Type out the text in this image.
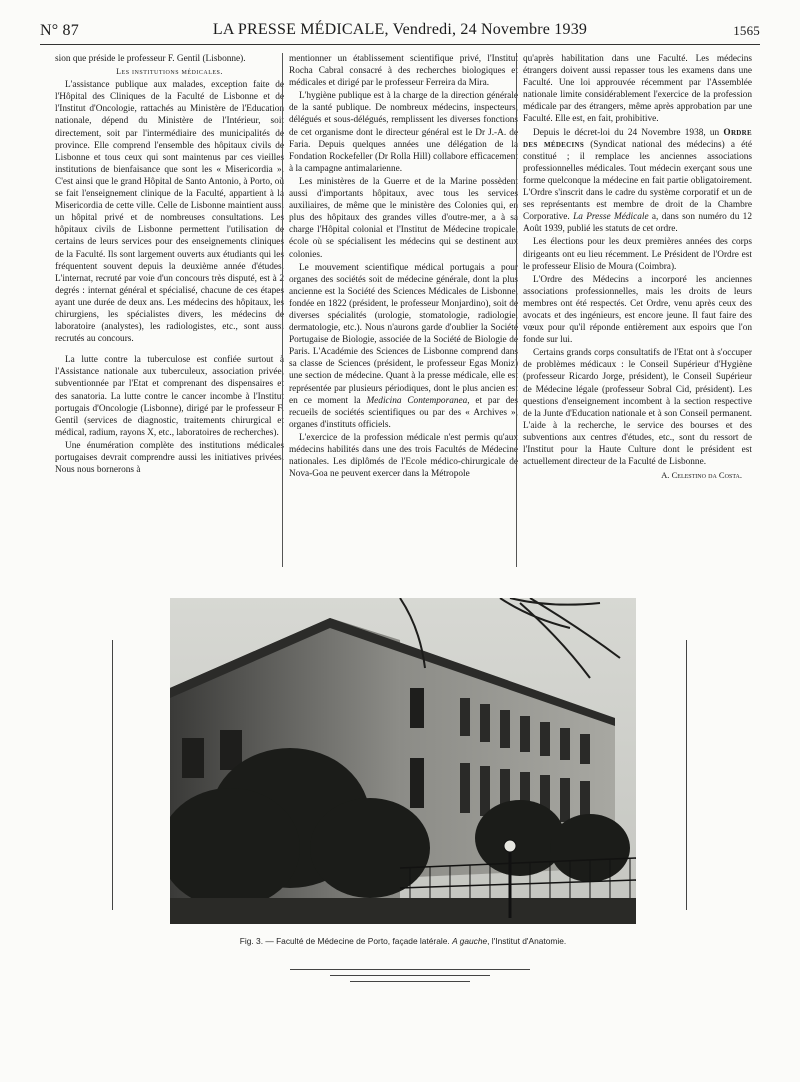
N° 87	LA PRESSE MÉDICALE, Vendredi, 24 Novembre 1939	1565

sion que préside le professeur F. Gentil (Lisbonne).

Les institutions médicales.

L'assistance publique aux malades, exception faite de l'Hôpital des Cliniques de la Faculté de Lisbonne et de l'Institut d'Oncologie, rattachés au Ministère de l'Education nationale, dépend du Ministère de l'Intérieur, soit directement, soit par l'intermédiaire des municipalités de province. Elle comprend l'ensemble des hôpitaux civils de Lisbonne et tous ceux qui sont maintenus par ces vieilles institutions de bienfaisance que sont les « Misericordia ». C'est ainsi que le grand Hôpital de Santo Antonio, à Porto, où se fait l'enseignement clinique de la Faculté, appartient à la Misericordia de cette ville. Celle de Lisbonne maintient aussi un hôpital privé et de nombreuses consultations. Les hôpitaux civils de Lisbonne permettent l'utilisation de certains de leurs services pour des enseignements cliniques de la Faculté. Ils sont largement ouverts aux étudiants qui les fréquentent souvent depuis la deuxième année d'études. L'internat, recruté par voie d'un concours très disputé, est à 2 degrés : internat général et spécialisé, chacune de ces étapes ayant une durée de deux ans. Les médecins des hôpitaux, les chirurgiens, les spécialistes divers, les médecins de laboratoire (analystes), les radiologistes, etc., sont aussi recrutés au concours.

La lutte contre la tuberculose est confiée surtout à l'Assistance nationale aux tuberculeux, association privée, subventionnée par l'Etat et comprenant des dispensaires et des sanatoria. La lutte contre le cancer incombe à l'Institut portugais d'Oncologie (Lisbonne), dirigé par le professeur F. Gentil (services de diagnostic, traitements chirurgical et médical, radium, rayons X, etc., laboratoires de recherches).

Une énumération complète des institutions médicales portugaises devrait comprendre aussi les initiatives privées. Nous nous bornerons à

mentionner un établissement scientifique privé, l'Institut Rocha Cabral consacré à des recherches biologiques et médicales et dirigé par le professeur Ferreira da Mira.

L'hygiène publique est à la charge de la direction générale de la santé publique. De nombreux médecins, inspecteurs, délégués et sous-délégués, remplissent les diverses fonctions de cet organisme dont le directeur général est le Dr J.-A. de Faria. Depuis quelques années une délégation de la Fondation Rockefeller (Dr Rolla Hill) collabore efficacement à la campagne antimalarienne.

Les ministères de la Guerre et de la Marine possèdent aussi d'importants hôpitaux, avec tous les services auxiliaires, de même que le ministère des Colonies qui, en plus des hôpitaux des grandes villes d'outre-mer, a à sa charge l'Hôpital colonial et l'Institut de Médecine tropicale, école où se spécialisent les médecins qui se destinent aux colonies.

Le mouvement scientifique médical portugais a pour organes des sociétés soit de médecine générale, dont la plus ancienne est la Société des Sciences Médicales de Lisbonne, fondée en 1822 (président, le professeur Monjardino), soit de diverses spécialités (urologie, stomatologie, radiologie, dermatologie, etc.). Nous n'aurons garde d'oublier la Société Portugaise de Biologie, associée de la Société de Biologie de Paris. L'Académie des Sciences de Lisbonne comprend dans sa classe de Sciences (président, le professeur Egas Moniz) une section de médecine. Quant à la presse médicale, elle est représentée par plusieurs périodiques, dont le plus ancien est en ce moment la Medicina Contemporanea, et par des recueils de sociétés scientifiques ou par des « Archives », organes d'instituts officiels.

L'exercice de la profession médicale n'est permis qu'aux médecins habilités dans une des trois Facultés de Médecine nationales. Les diplômés de l'Ecole médico-chirurgicale de Nova-Goa ne peuvent exercer dans la Métropole

qu'après habilitation dans une Faculté. Les médecins étrangers doivent aussi repasser tous les examens dans une Faculté. Une loi approuvée récemment par l'Assemblée nationale limite considérablement l'exercice de la profession médicale par des étrangers, même après approbation par une Faculté. Elle est, en fait, prohibitive.

Depuis le décret-loi du 24 Novembre 1938, un Ordre des médecins (Syndicat national des médecins) a été constitué ; il remplace les anciennes associations professionnelles médicales. Tout médecin exerçant sous une forme quelconque la médecine en fait partie obligatoirement. L'Ordre s'inscrit dans le cadre du système corporatif et un de ses représentants est membre de droit de la Chambre Corporative. La Presse Médicale a, dans son numéro du 12 Août 1939, publié les statuts de cet ordre.

Les élections pour les deux premières années des corps dirigeants ont eu lieu récemment. Le Président de l'Ordre est le professeur Elisio de Moura (Coimbra).

L'Ordre des Médecins a incorporé les anciennes associations professionnelles, mais les droits de leurs membres ont été respectés. Cet Ordre, venu après ceux des avocats et des ingénieurs, est encore jeune. Il faut faire des vœux pour qu'il réponde entièrement aux espoirs que l'on fonde sur lui.

Certains grands corps consultatifs de l'Etat ont à s'occuper de problèmes médicaux : le Conseil Supérieur d'Hygiène (professeur Ricardo Jorge, président), le Conseil Supérieur de Médecine légale (professeur Sobral Cid, président). Les questions d'enseignement incombent à la section respective de la Junte d'Education nationale et à son Conseil permanent. L'aide à la recherche, le service des bourses et des subventions aux centres d'études, etc., sont du ressort de l'Institut pour la Haute Culture dont le président est actuellement directeur de la Faculté de Lisbonne.

A. Celestino da Costa.

Fig. 3. — Faculté de Médecine de Porto, façade latérale. A gauche, l'Institut d'Anatomie.
